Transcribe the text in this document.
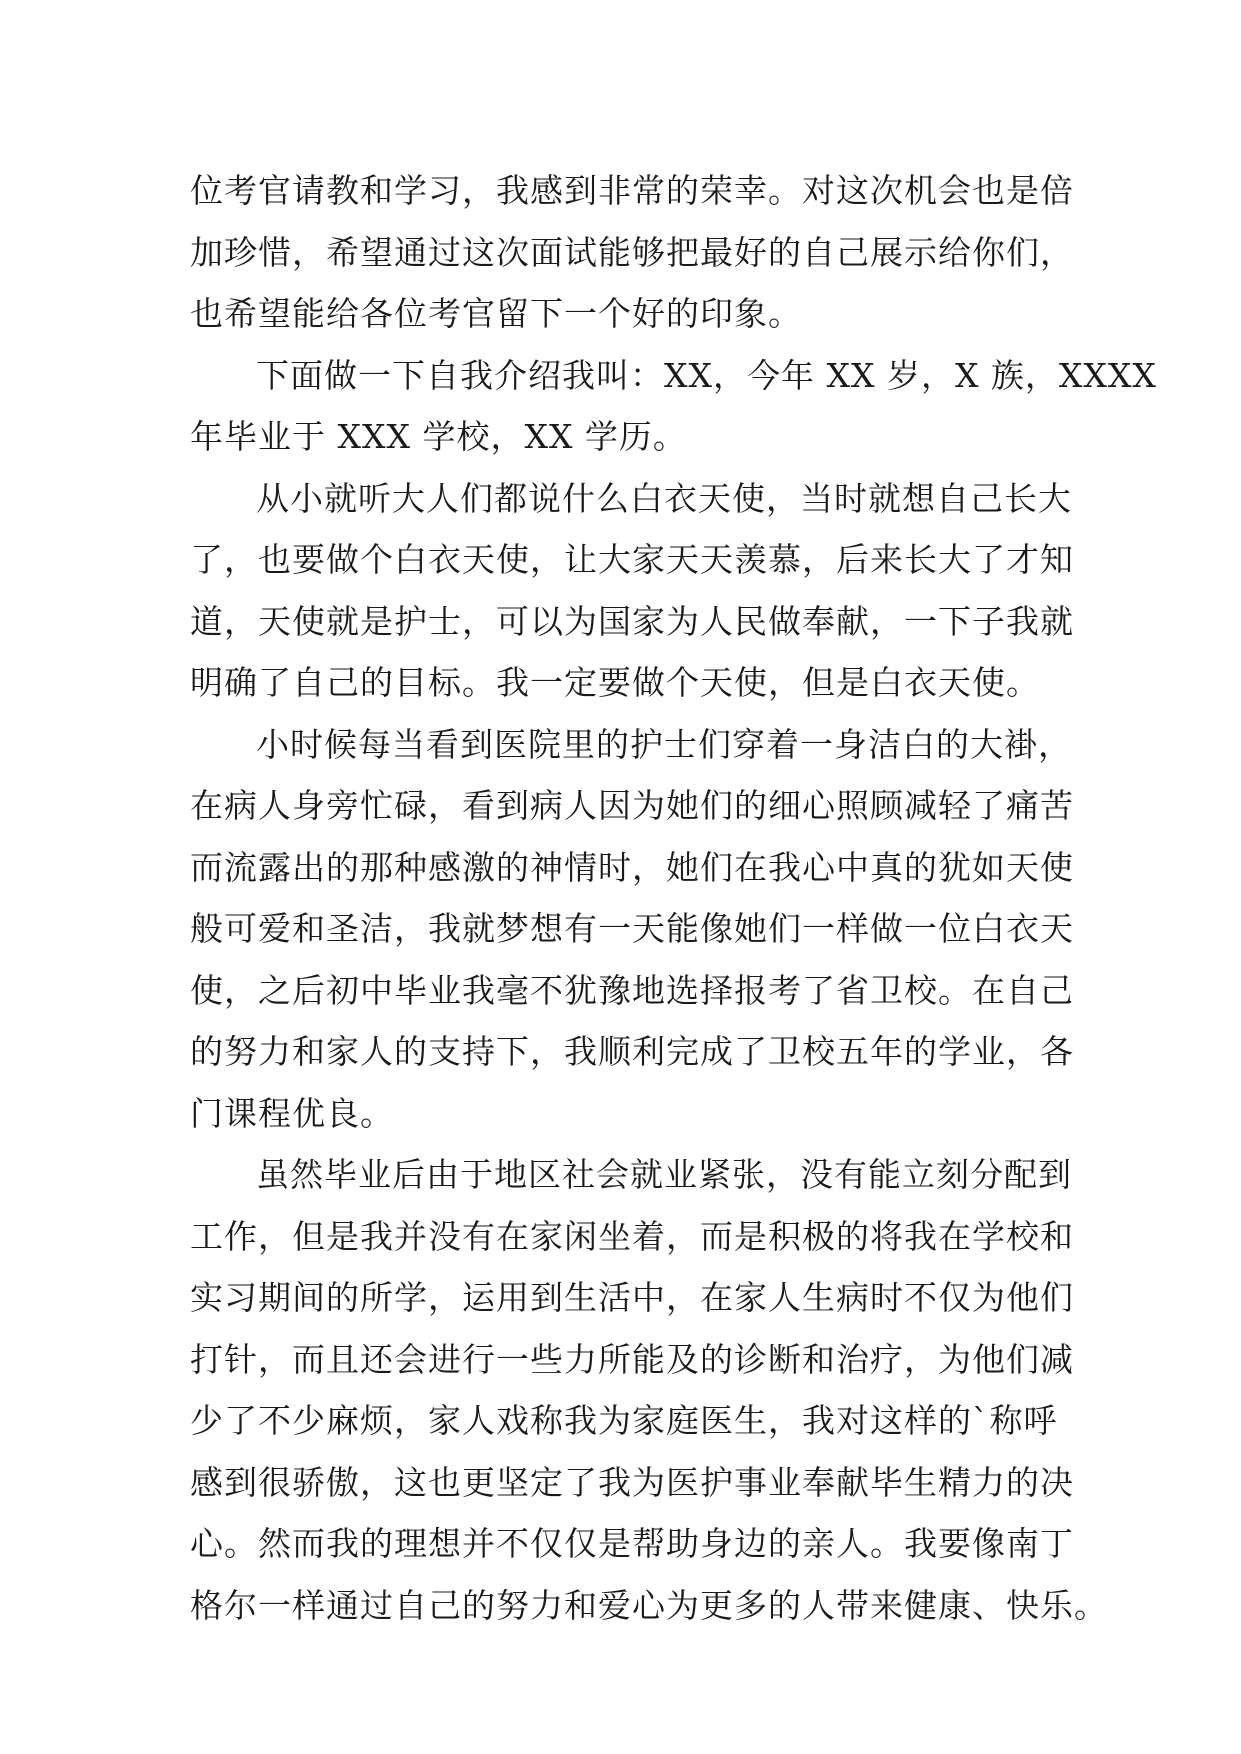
位考官请教和学习，我感到非常的荣幸。对这次机会也是倍
加珍惜，希望通过这次面试能够把最好的自己展示给你们，
也希望能给各位考官留下一个好的印象。
下面做一下自我介绍我叫：XX，今年 XX 岁，X 族，XXXX
年毕业于 XXX 学校，XX 学历。
从小就听大人们都说什么白衣天使，当时就想自己长大
了，也要做个白衣天使，让大家天天羡慕，后来长大了才知
道，天使就是护士，可以为国家为人民做奉献，一下子我就
明确了自己的目标。我一定要做个天使，但是白衣天使。
小时候每当看到医院里的护士们穿着一身洁白的大褂，
在病人身旁忙碌，看到病人因为她们的细心照顾减轻了痛苦
而流露出的那种感激的神情时，她们在我心中真的犹如天使
般可爱和圣洁，我就梦想有一天能像她们一样做一位白衣天
使，之后初中毕业我毫不犹豫地选择报考了省卫校。在自己
的努力和家人的支持下，我顺利完成了卫校五年的学业，各
门课程优良。
虽然毕业后由于地区社会就业紧张，没有能立刻分配到
工作，但是我并没有在家闲坐着，而是积极的将我在学校和
实习期间的所学，运用到生活中，在家人生病时不仅为他们
打针，而且还会进行一些力所能及的诊断和治疗，为他们减
少了不少麻烦，家人戏称我为家庭医生，我对这样的`称呼
感到很骄傲，这也更坚定了我为医护事业奉献毕生精力的决
心。然而我的理想并不仅仅是帮助身边的亲人。我要像南丁
格尔一样通过自己的努力和爱心为更多的人带来健康、快乐。
